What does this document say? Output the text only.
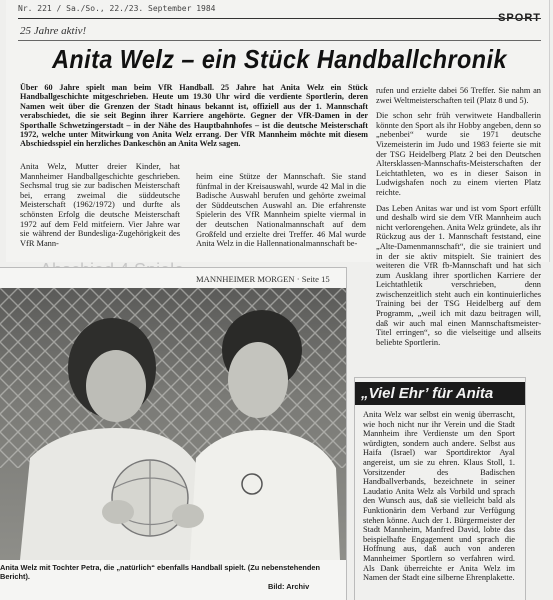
Nr. 221 / Sa./So., 22./23. September 1984
SPORT
25 Jahre aktiv!
Anita Welz – ein Stück Handballchronik
Über 60 Jahre spielt man beim VfR Handball. 25 Jahre hat Anita Welz ein Stück Handballgeschichte mitgeschrieben. Heute um 19.30 Uhr wird die verdiente Sportlerin, deren Namen weit über die Grenzen der Stadt hinaus bekannt ist, offiziell aus der 1. Mannschaft verabschiedet, die sie seit Beginn ihrer Karriere angehörte. Gegner der VfR-Damen in der Sporthalle Schwetzingerstadt – in der Nähe des Hauptbahnhofes – ist die deutsche Meisterschaft 1972, welche unter Mitwirkung von Anita Welz errang. Der VfR Mannheim möchte mit diesem Abschiedsspiel ein herzliches Dankeschön an Anita Welz sagen.

Anita Welz, Mutter dreier Kinder, hat Mannheimer Handballgeschichte geschrieben. Sechsmal trug sie zur badischen Meisterschaft bei, errang zweimal die süddeutsche Meisterschaft (1962/1972) und durfte als schönsten Erfolg die deutsche Meisterschaft 1972 auf dem Feld mitfeiern. Vier Jahre war sie während der Bundesliga-Zugehörigkeit des VfR Mann-

heim eine Stütze der Mannschaft. Sie stand fünfmal in der Kreisauswahl, wurde 42 Mal in die Badische Auswahl berufen und gehörte zweimal der Süddeutschen Auswahl an. Die erfahrenste Spielerin des VfR Mannheim spielte viermal in der deutschen Nationalmannschaft auf dem Großfeld und erzielte drei Treffer. 46 Mal wurde Anita Welz in die Hallennationalmannschaft be-

rufen und erzielte dabei 56 Treffer. Sie nahm an zwei Weltmeisterschaften teil (Platz 8 und 5).

Die schon sehr früh verwitwete Handballerin könnte den Sport als ihr Hobby angeben, denn so „nebenbei“ wurde sie 1971 deutsche Vizemeisterin im Judo und 1983 feierte sie mit der TSG Heidelberg Platz 2 bei den Deutschen Altersklassen-Mannschafts-Meisterschaften der Leichtathleten, wo es in dieser Saison in Ludwigshafen noch zu einem vierten Platz reichte.

Das Leben Anitas war und ist vom Sport erfüllt und deshalb wird sie dem VfR Mannheim auch nicht verlorengehen. Anita Welz gründete, als ihr Rückzug aus der 1. Mannschaft feststand, eine „Alte-Damenmannschaft“, die sie trainiert und in der sie aktiv mitspielt. Sie trainiert des weiteren die VfR fb-Mannschaft und hat sich zum Ausklang ihrer sportlichen Karriere der Leichtathletik verschrieben, denn zwischenzeitlich steht auch ein kontinuierliches Training bei der TSG Heidelberg auf dem Programm, „weil ich mit dazu beitragen will, daß wir auch mal einen Mannschaftsmeister-Titel erringen“, so die vielseitige und allseits beliebte Sportlerin.

MANNHEIMER MORGEN · Seite 15
Anita Welz mit Tochter Petra, die „natürlich“ ebenfalls Handball spielt. (Zu nebenstehenden Bericht).
Bild: Archiv
„Viel Ehr’ für Anita
Anita Welz war selbst ein wenig überrascht, wie hoch nicht nur ihr Verein und die Stadt Mannheim ihre Verdienste um den Sport würdigten, sondern auch andere. Selbst aus Haifa (Israel) war Sportdirektor Ayal angereist, um sie zu ehren. Klaus Stoll, 1. Vorsitzender des Badischen Handballverbands, bezeichnete in seiner Laudatio Anita Welz als Vorbild und sprach den Wunsch aus, daß sie vielleicht bald als Funktionärin dem Verband zur Verfügung stehen könne. Auch der 1. Bürgermeister der Stadt Mannheim, Manfred David, lobte das beispielhafte Engagement und sprach die Hoffnung aus, daß auch von anderen Mannheimer Sportlern so verfahren wird. Als Dank überreichte er Anita Welz im Namen der Stadt eine silberne Ehrenplakette.
